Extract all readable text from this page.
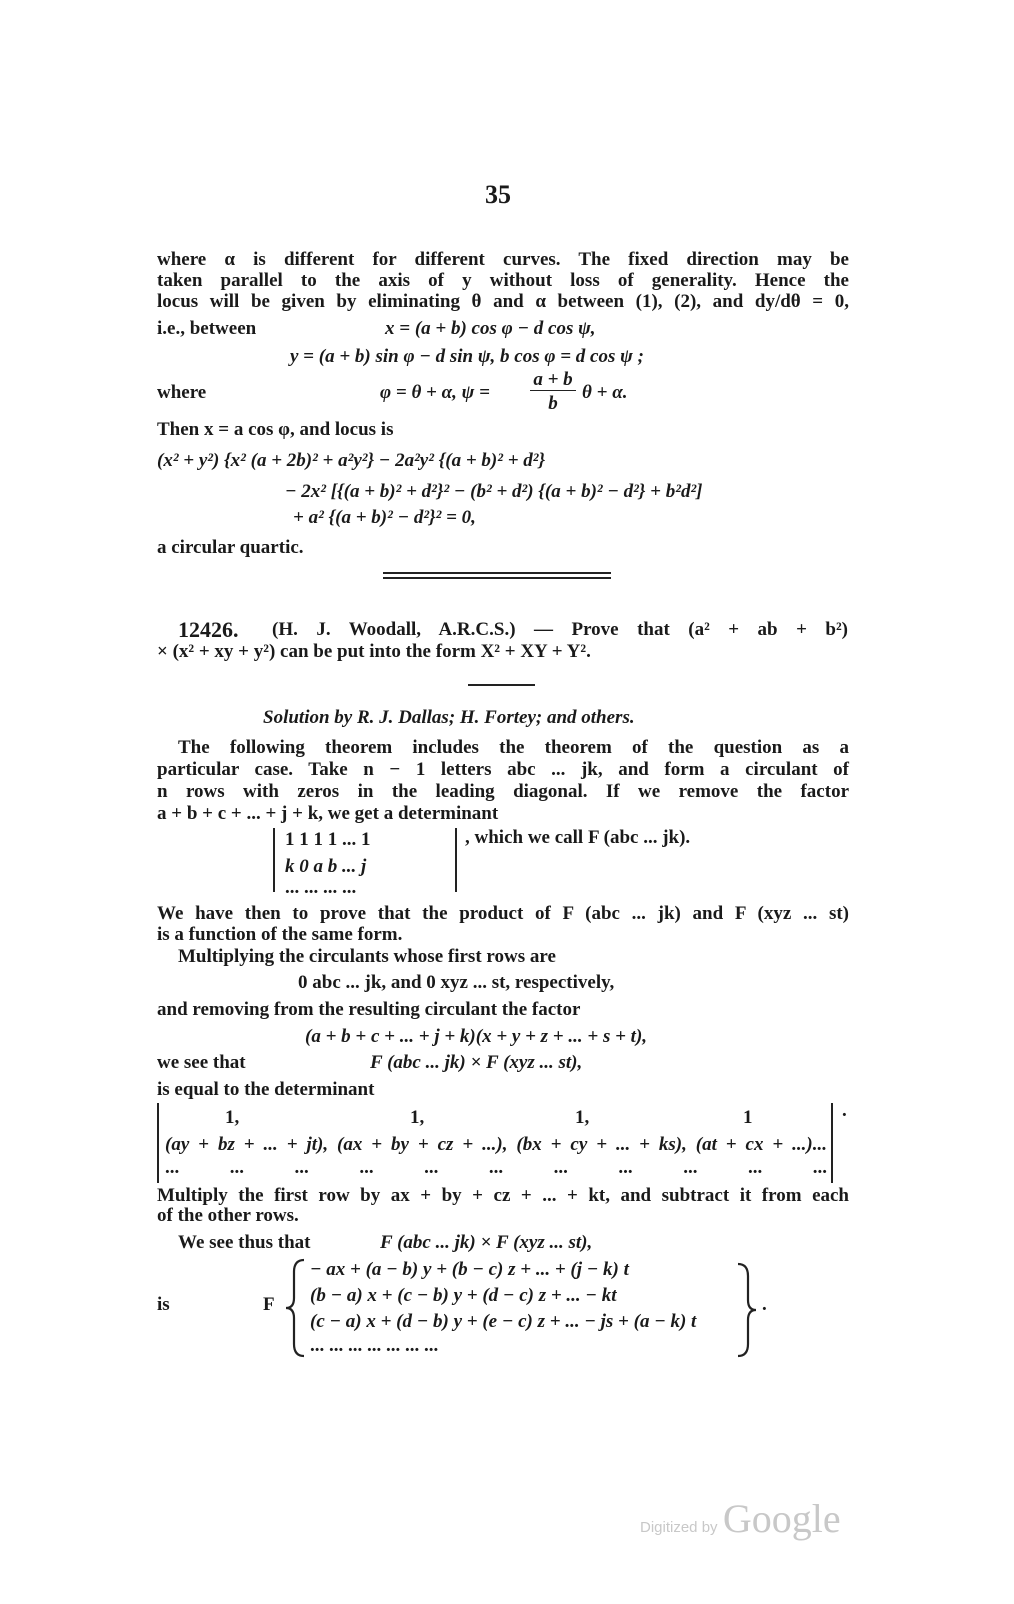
35
where α is different for different curves. The fixed direction may be
taken parallel to the axis of y without loss of generality. Hence the
locus will be given by eliminating θ and α between (1), (2), and dy/dθ = 0,
i.e., between	x = (a + b) cos φ − d cos ψ,
y = (a + b) sin φ − d sin ψ, b cos φ = d cos ψ ;
where	φ = θ + α, ψ =
a + b
b
θ + α.
Then x = a cos φ, and locus is
(x² + y²) {x² (a + 2b)² + a²y²} − 2a²y² {(a + b)² + d²}
− 2x² [{(a + b)² + d²}² − (b² + d²) {(a + b)² − d²} + b²d²]
+ a² {(a + b)² − d²}² = 0,
a circular quartic.
12426. (H. J. Woodall, A.R.C.S.) — Prove that (a² + ab + b²)
× (x² + xy + y²) can be put into the form X² + XY + Y².
Solution by R. J. Dallas; H. Fortey; and others.
The following theorem includes the theorem of the question as a
particular case. Take n − 1 letters abc ... jk, and form a circulant of
n rows with zeros in the leading diagonal. If we remove the factor
a + b + c + ... + j + k, we get a determinant
1 1 1 1 ... 1
k 0 a b ... j
... ... ... ...
, which we call F (abc ... jk).
We have then to prove that the product of F (abc ... jk) and F (xyz ... st)
is a function of the same form.
Multiplying the circulants whose first rows are
0 abc ... jk, and 0 xyz ... st, respectively,
and removing from the resulting circulant the factor
(a + b + c + ... + j + k)(x + y + z + ... + s + t),
we see that	F (abc ... jk) × F (xyz ... st),
is equal to the determinant
1,	1,	1,	1
(ay + bz + ... + jt), (ax + by + cz + ...), (bx + cy + ... + ks), (at + cx + ...)...
... ... ... ... ... ... ... ... ... ... ...
.
Multiply the first row by ax + by + cz + ... + kt, and subtract it from each
of the other rows.
We see thus that	F (abc ... jk) × F (xyz ... st),
is	F
− ax + (a − b) y + (b − c) z + ... + (j − k) t
(b − a) x + (c − b) y + (d − c) z + ... − kt
(c − a) x + (d − b) y + (e − c) z + ... − js + (a − k) t
... ... ... ... ... ... ...
.
Digitized by Google
